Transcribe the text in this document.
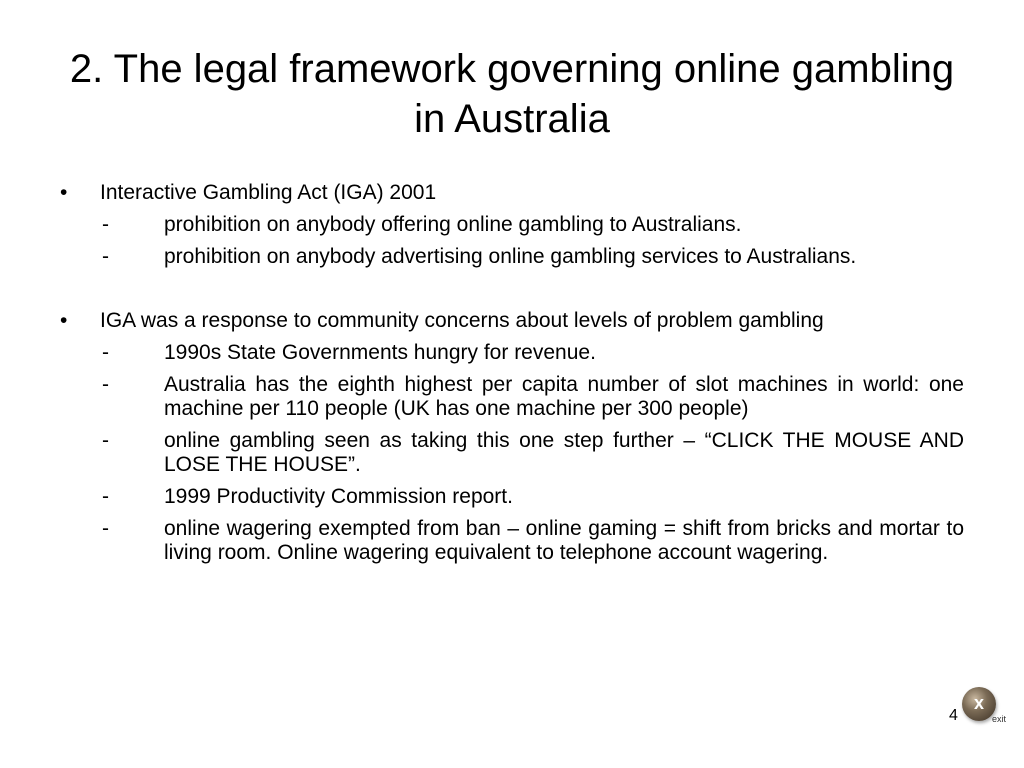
2. The legal framework governing online gambling in Australia
• Interactive Gambling Act (IGA) 2001
-	prohibition on anybody offering online gambling to Australians.
-	prohibition on anybody advertising online gambling services to Australians.
• IGA was a response to community concerns about levels of problem gambling
-	1990s State Governments hungry for revenue.
-	Australia has the eighth highest per capita number of slot machines in world: one machine per 110 people (UK has one machine per 300 people)
-	online gambling seen as taking this one step further – “CLICK THE MOUSE AND LOSE THE HOUSE”.
-	1999 Productivity Commission report.
-	online wagering exempted from ban – online gaming = shift from bricks and mortar to living room. Online wagering equivalent to telephone account wagering.
4
x
exit
